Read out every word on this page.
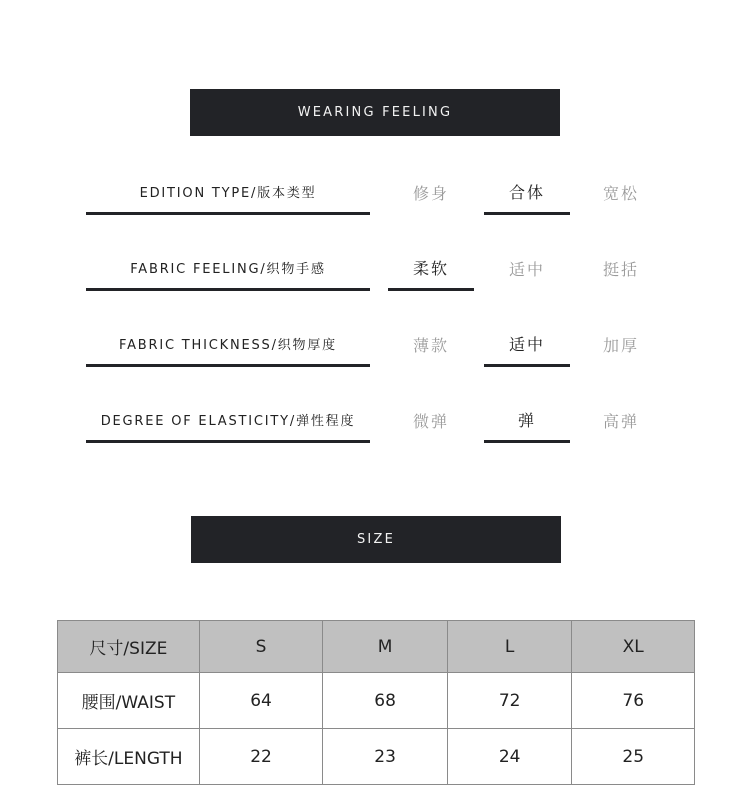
WEARING FEELING
EDITION TYPE/版本类型	修身	合体	宽松
FABRIC FEELING/织物手感	柔软	适中	挺括
FABRIC THICKNESS/织物厚度	薄款	适中	加厚
DEGREE OF ELASTICITY/弹性程度	微弹	弹	高弹
SIZE
尺寸/SIZE	S	M	L	XL
腰围/WAIST	64	68	72	76
裤长/LENGTH	22	23	24	25
